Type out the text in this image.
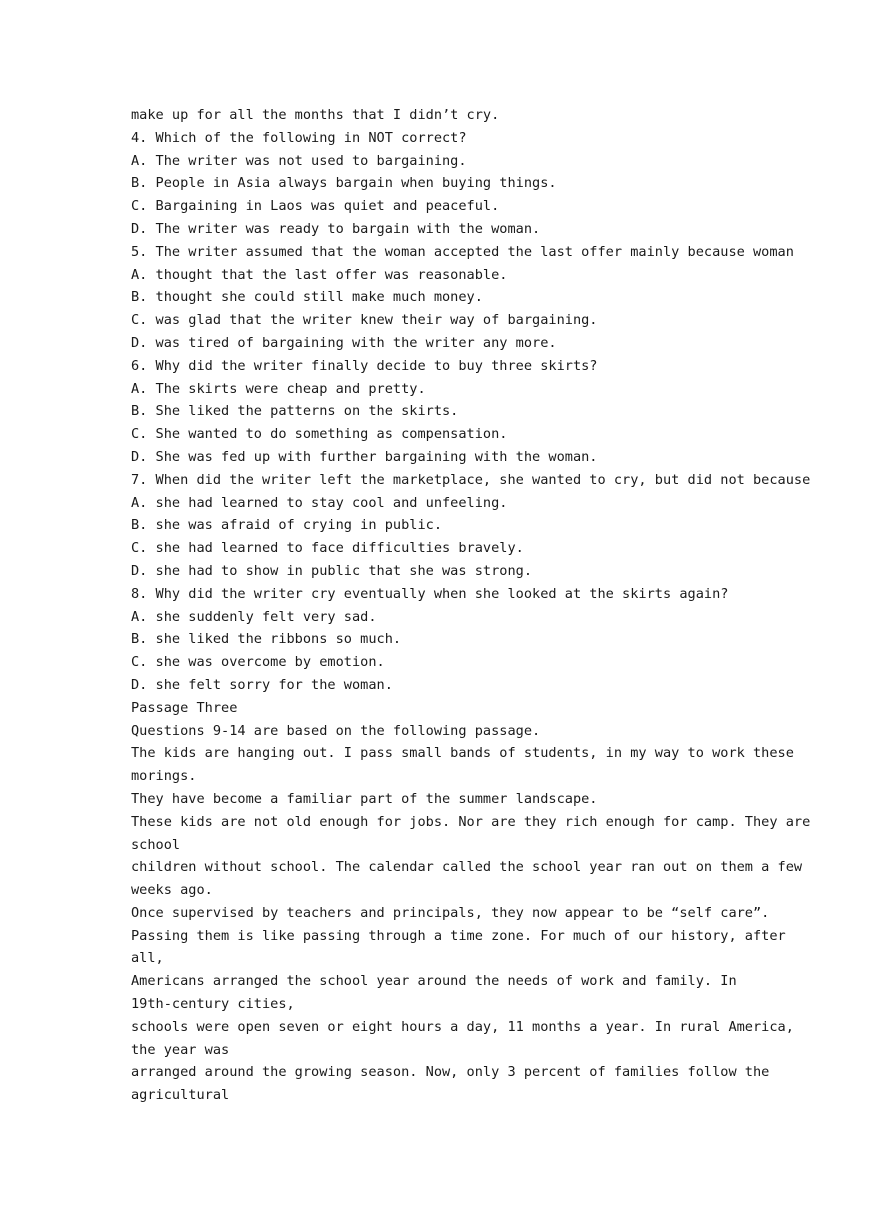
make up for all the months that I didn’t cry.
4. Which of the following in NOT correct?
A. The writer was not used to bargaining.
B. People in Asia always bargain when buying things.
C. Bargaining in Laos was quiet and peaceful.
D. The writer was ready to bargain with the woman.
5. The writer assumed that the woman accepted the last offer mainly because woman
A. thought that the last offer was reasonable.
B. thought she could still make much money.
C. was glad that the writer knew their way of bargaining.
D. was tired of bargaining with the writer any more.
6. Why did the writer finally decide to buy three skirts?
A. The skirts were cheap and pretty.
B. She liked the patterns on the skirts.
C. She wanted to do something as compensation.
D. She was fed up with further bargaining with the woman.
7. When did the writer left the marketplace, she wanted to cry, but did not because
A. she had learned to stay cool and unfeeling.
B. she was afraid of crying in public.
C. she had learned to face difficulties bravely.
D. she had to show in public that she was strong.
8. Why did the writer cry eventually when she looked at the skirts again?
A. she suddenly felt very sad.
B. she liked the ribbons so much.
C. she was overcome by emotion.
D. she felt sorry for the woman.
Passage Three
Questions 9-14 are based on the following passage.
The kids are hanging out. I pass small bands of students, in my way to work these
morings.
They have become a familiar part of the summer landscape.
These kids are not old enough for jobs. Nor are they rich enough for camp. They are
school
children without school. The calendar called the school year ran out on them a few
weeks ago.
Once supervised by teachers and principals, they now appear to be “self care”.
Passing them is like passing through a time zone. For much of our history, after
all,
Americans arranged the school year around the needs of work and family. In
19th-century cities,
schools were open seven or eight hours a day, 11 months a year. In rural America,
the year was
arranged around the growing season. Now, only 3 percent of families follow the
agricultural
